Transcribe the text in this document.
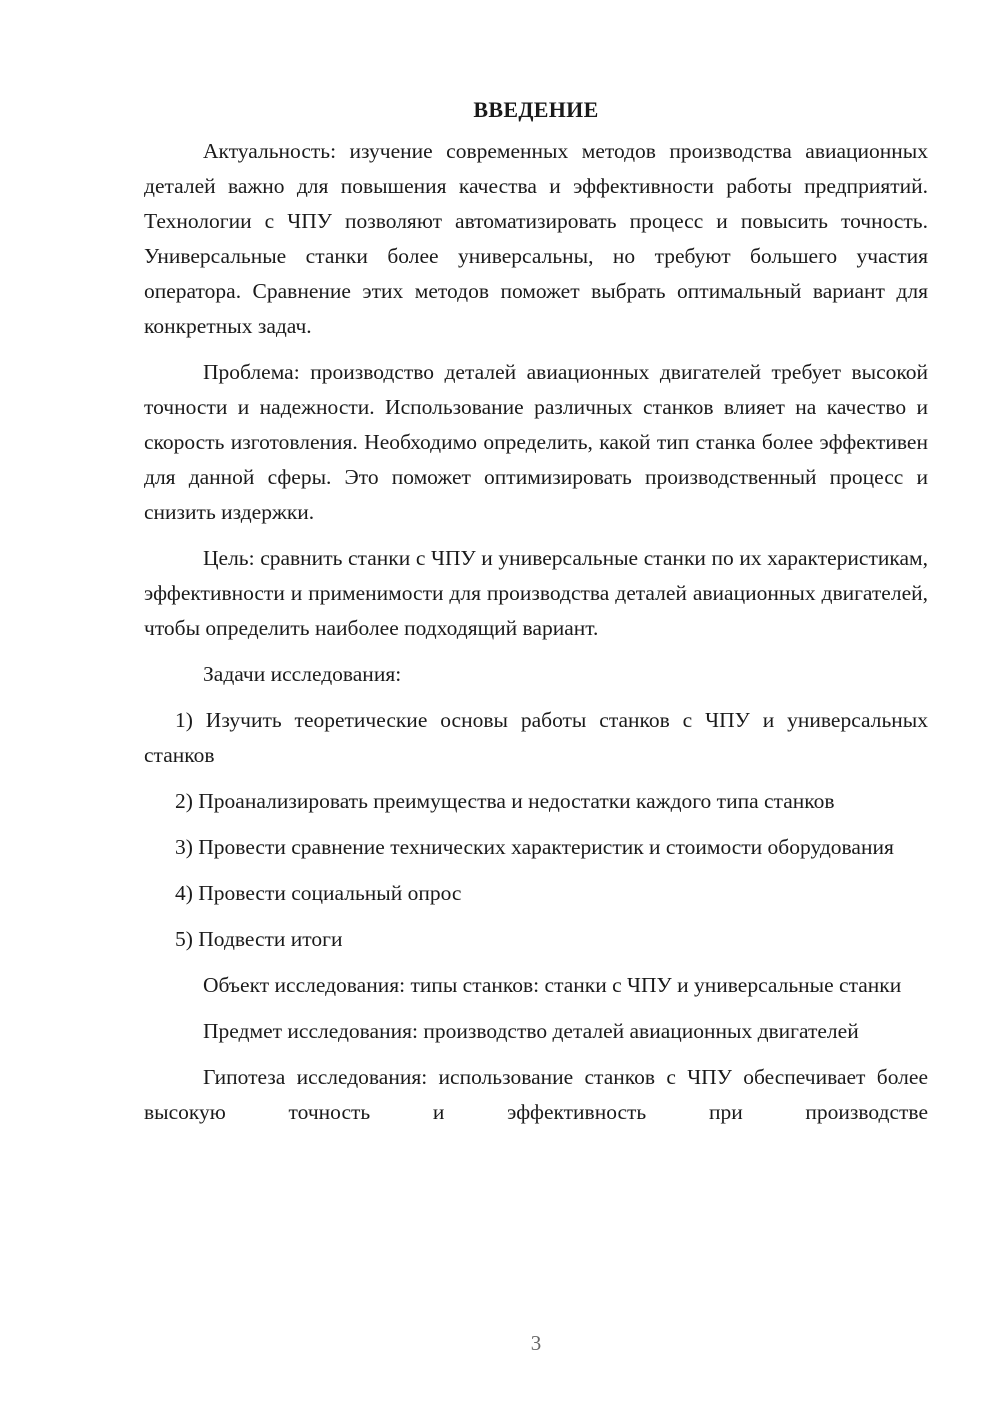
ВВЕДЕНИЕ

Актуальность: изучение современных методов производства авиационных деталей важно для повышения качества и эффективности работы предприятий. Технологии с ЧПУ позволяют автоматизировать процесс и повысить точность. Универсальные станки более универсальны, но требуют большего участия оператора. Сравнение этих методов поможет выбрать оптимальный вариант для конкретных задач.

Проблема: производство деталей авиационных двигателей требует высокой точности и надежности. Использование различных станков влияет на качество и скорость изготовления. Необходимо определить, какой тип станка более эффективен для данной сферы. Это поможет оптимизировать производственный процесс и снизить издержки.

Цель: сравнить станки с ЧПУ и универсальные станки по их характеристикам, эффективности и применимости для производства деталей авиационных двигателей, чтобы определить наиболее подходящий вариант.

Задачи исследования:

1) Изучить теоретические основы работы станков с ЧПУ и универсальных станков

2) Проанализировать преимущества и недостатки каждого типа станков

3) Провести сравнение технических характеристик и стоимости оборудования

4) Провести социальный опрос

5) Подвести итоги

Объект исследования: типы станков: станки с ЧПУ и универсальные станки

Предмет исследования: производство деталей авиационных двигателей

Гипотеза исследования: использование станков с ЧПУ обеспечивает более высокую точность и эффективность при производстве

3
